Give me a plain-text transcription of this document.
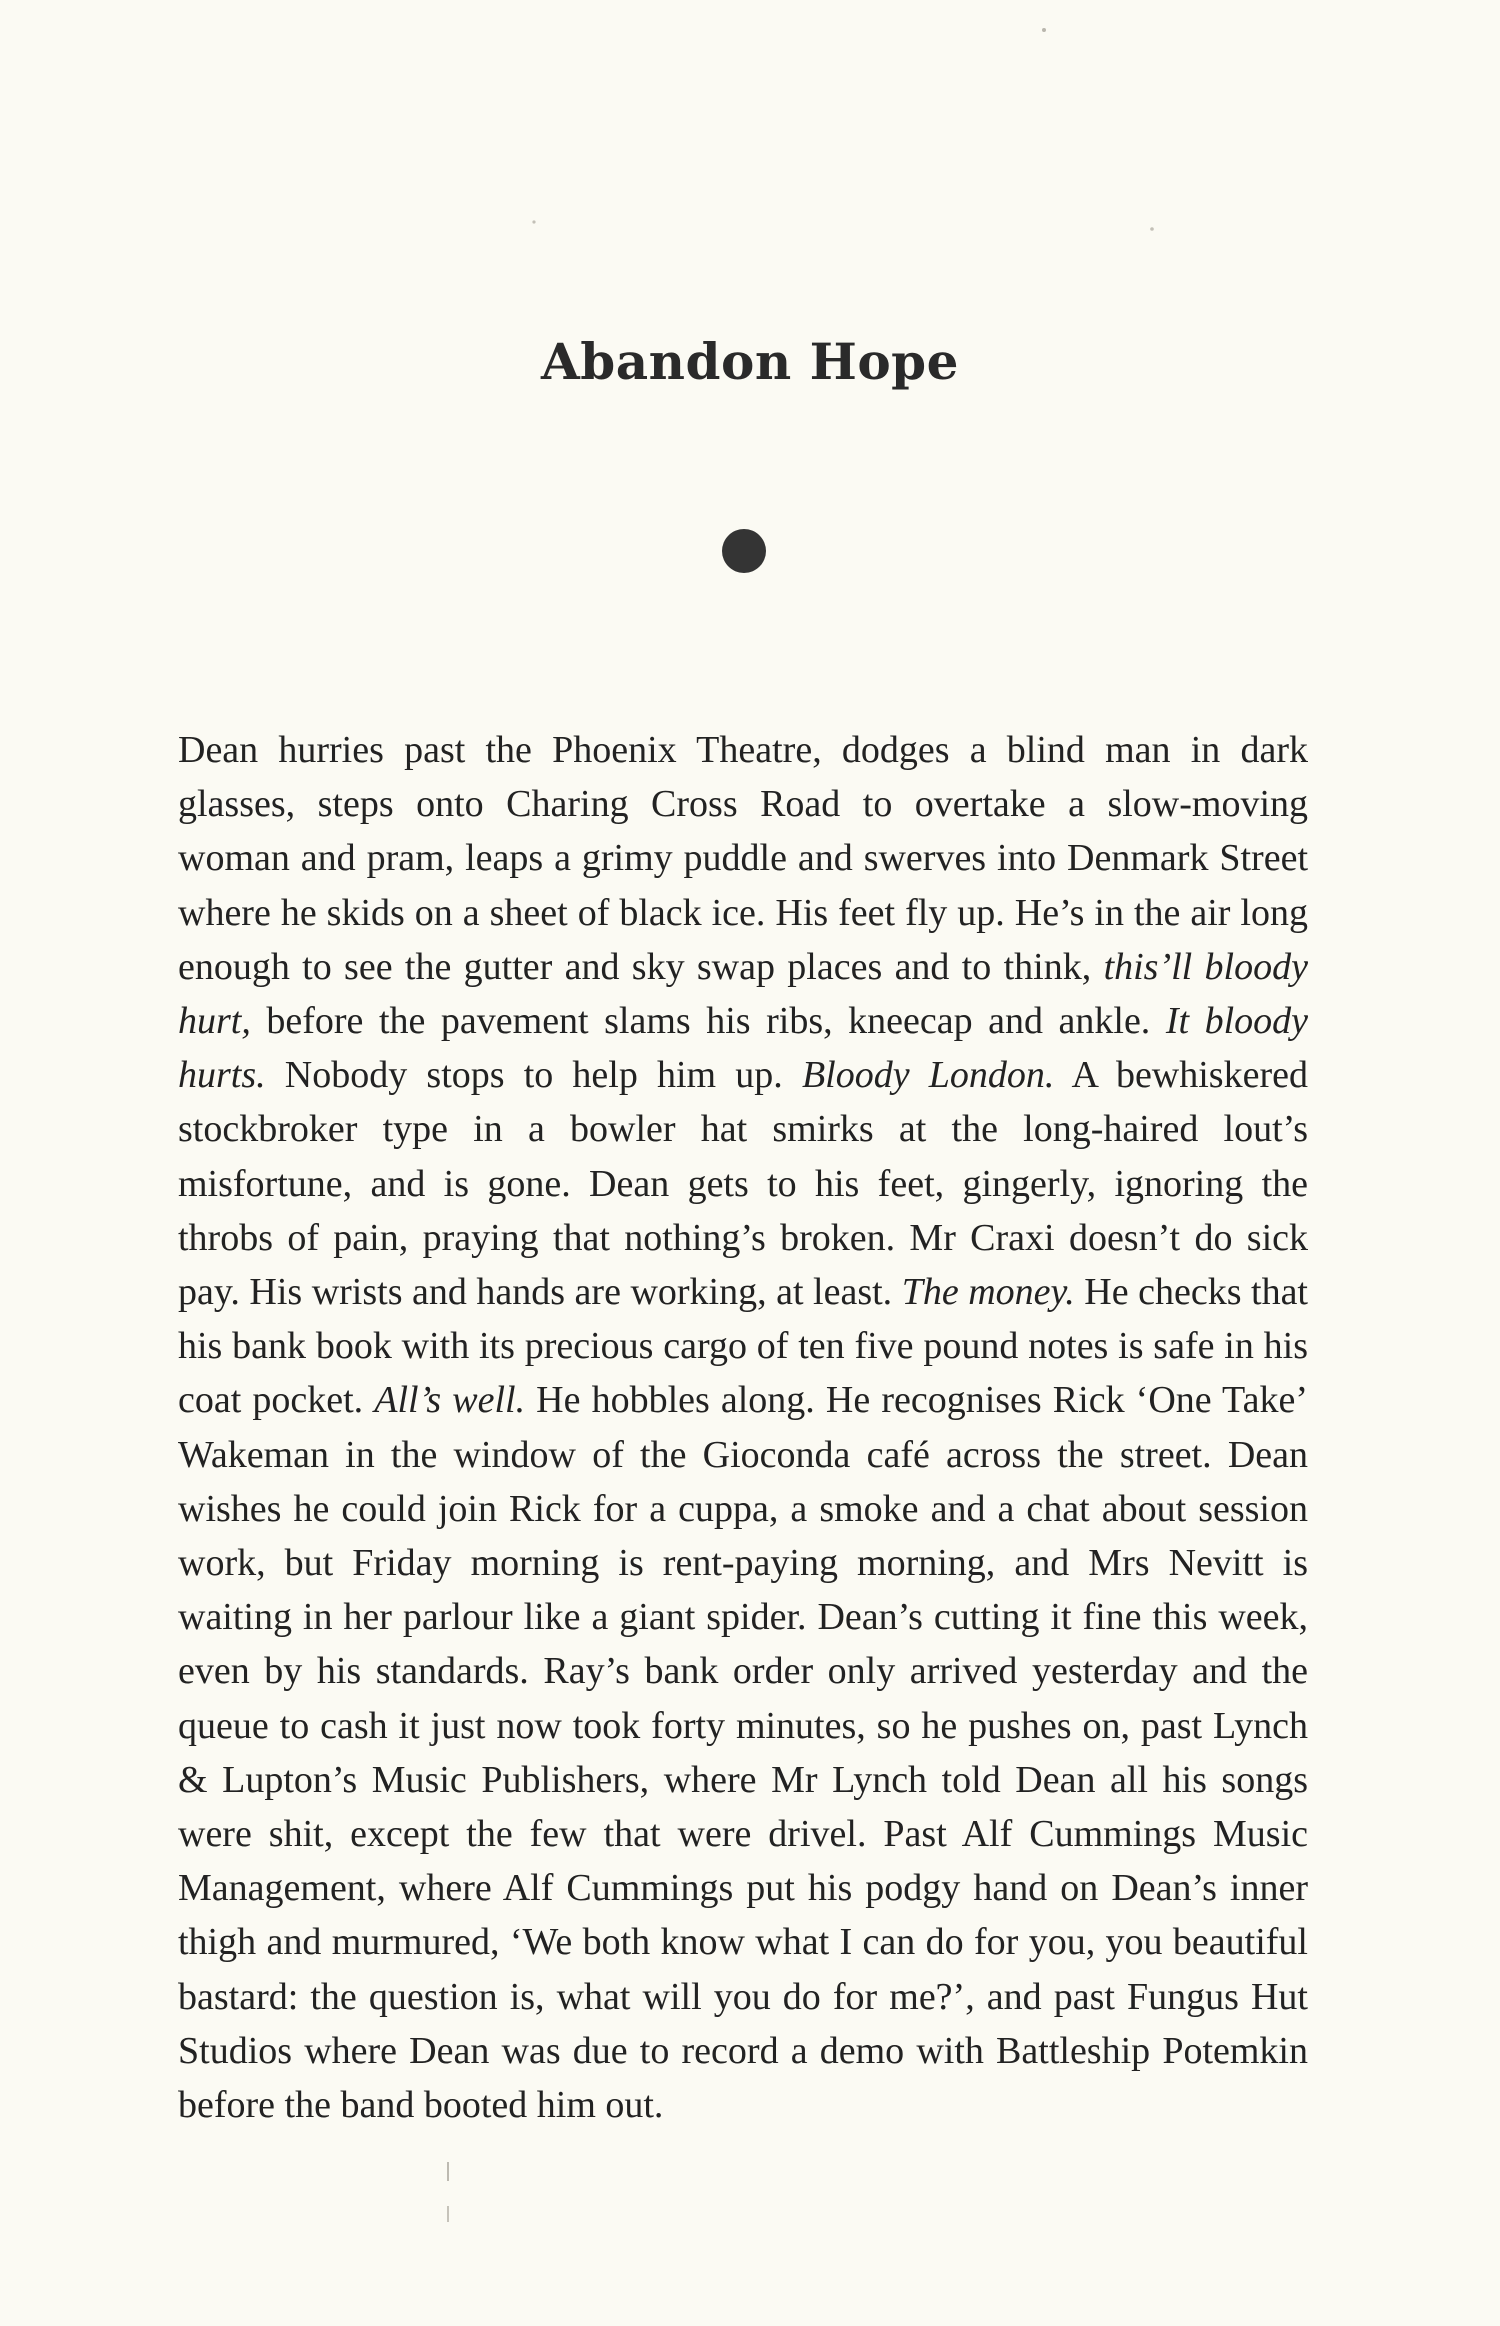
Abandon Hope

Dean hurries past the Phoenix Theatre, dodges a blind man in dark glasses, steps onto Charing Cross Road to overtake a slow-moving woman and pram, leaps a grimy puddle and swerves into Denmark Street where he skids on a sheet of black ice. His feet fly up. He’s in the air long enough to see the gutter and sky swap places and to think, this’ll bloody hurt, before the pavement slams his ribs, kneecap and ankle. It bloody hurts. Nobody stops to help him up. Bloody London. A bewhiskered stockbroker type in a bowler hat smirks at the long-haired lout’s misfortune, and is gone. Dean gets to his feet, gingerly, ignoring the throbs of pain, praying that nothing’s broken. Mr Craxi doesn’t do sick pay. His wrists and hands are working, at least. The money. He checks that his bank book with its precious cargo of ten five pound notes is safe in his coat pocket. All’s well. He hobbles along. He recognises Rick ‘One Take’ Wakeman in the window of the Gioconda café across the street. Dean wishes he could join Rick for a cuppa, a smoke and a chat about session work, but Friday morning is rent-paying morning, and Mrs Nevitt is waiting in her parlour like a giant spider. Dean’s cutting it fine this week, even by his standards. Ray’s bank order only arrived yesterday and the queue to cash it just now took forty minutes, so he pushes on, past Lynch & Lupton’s Music Publishers, where Mr Lynch told Dean all his songs were shit, except the few that were drivel. Past Alf Cummings Music Management, where Alf Cummings put his podgy hand on Dean’s inner thigh and murmured, ‘We both know what I can do for you, you beautiful bastard: the question is, what will you do for me?’, and past Fungus Hut Studios where Dean was due to record a demo with Battleship Potemkin before the band booted him out.
